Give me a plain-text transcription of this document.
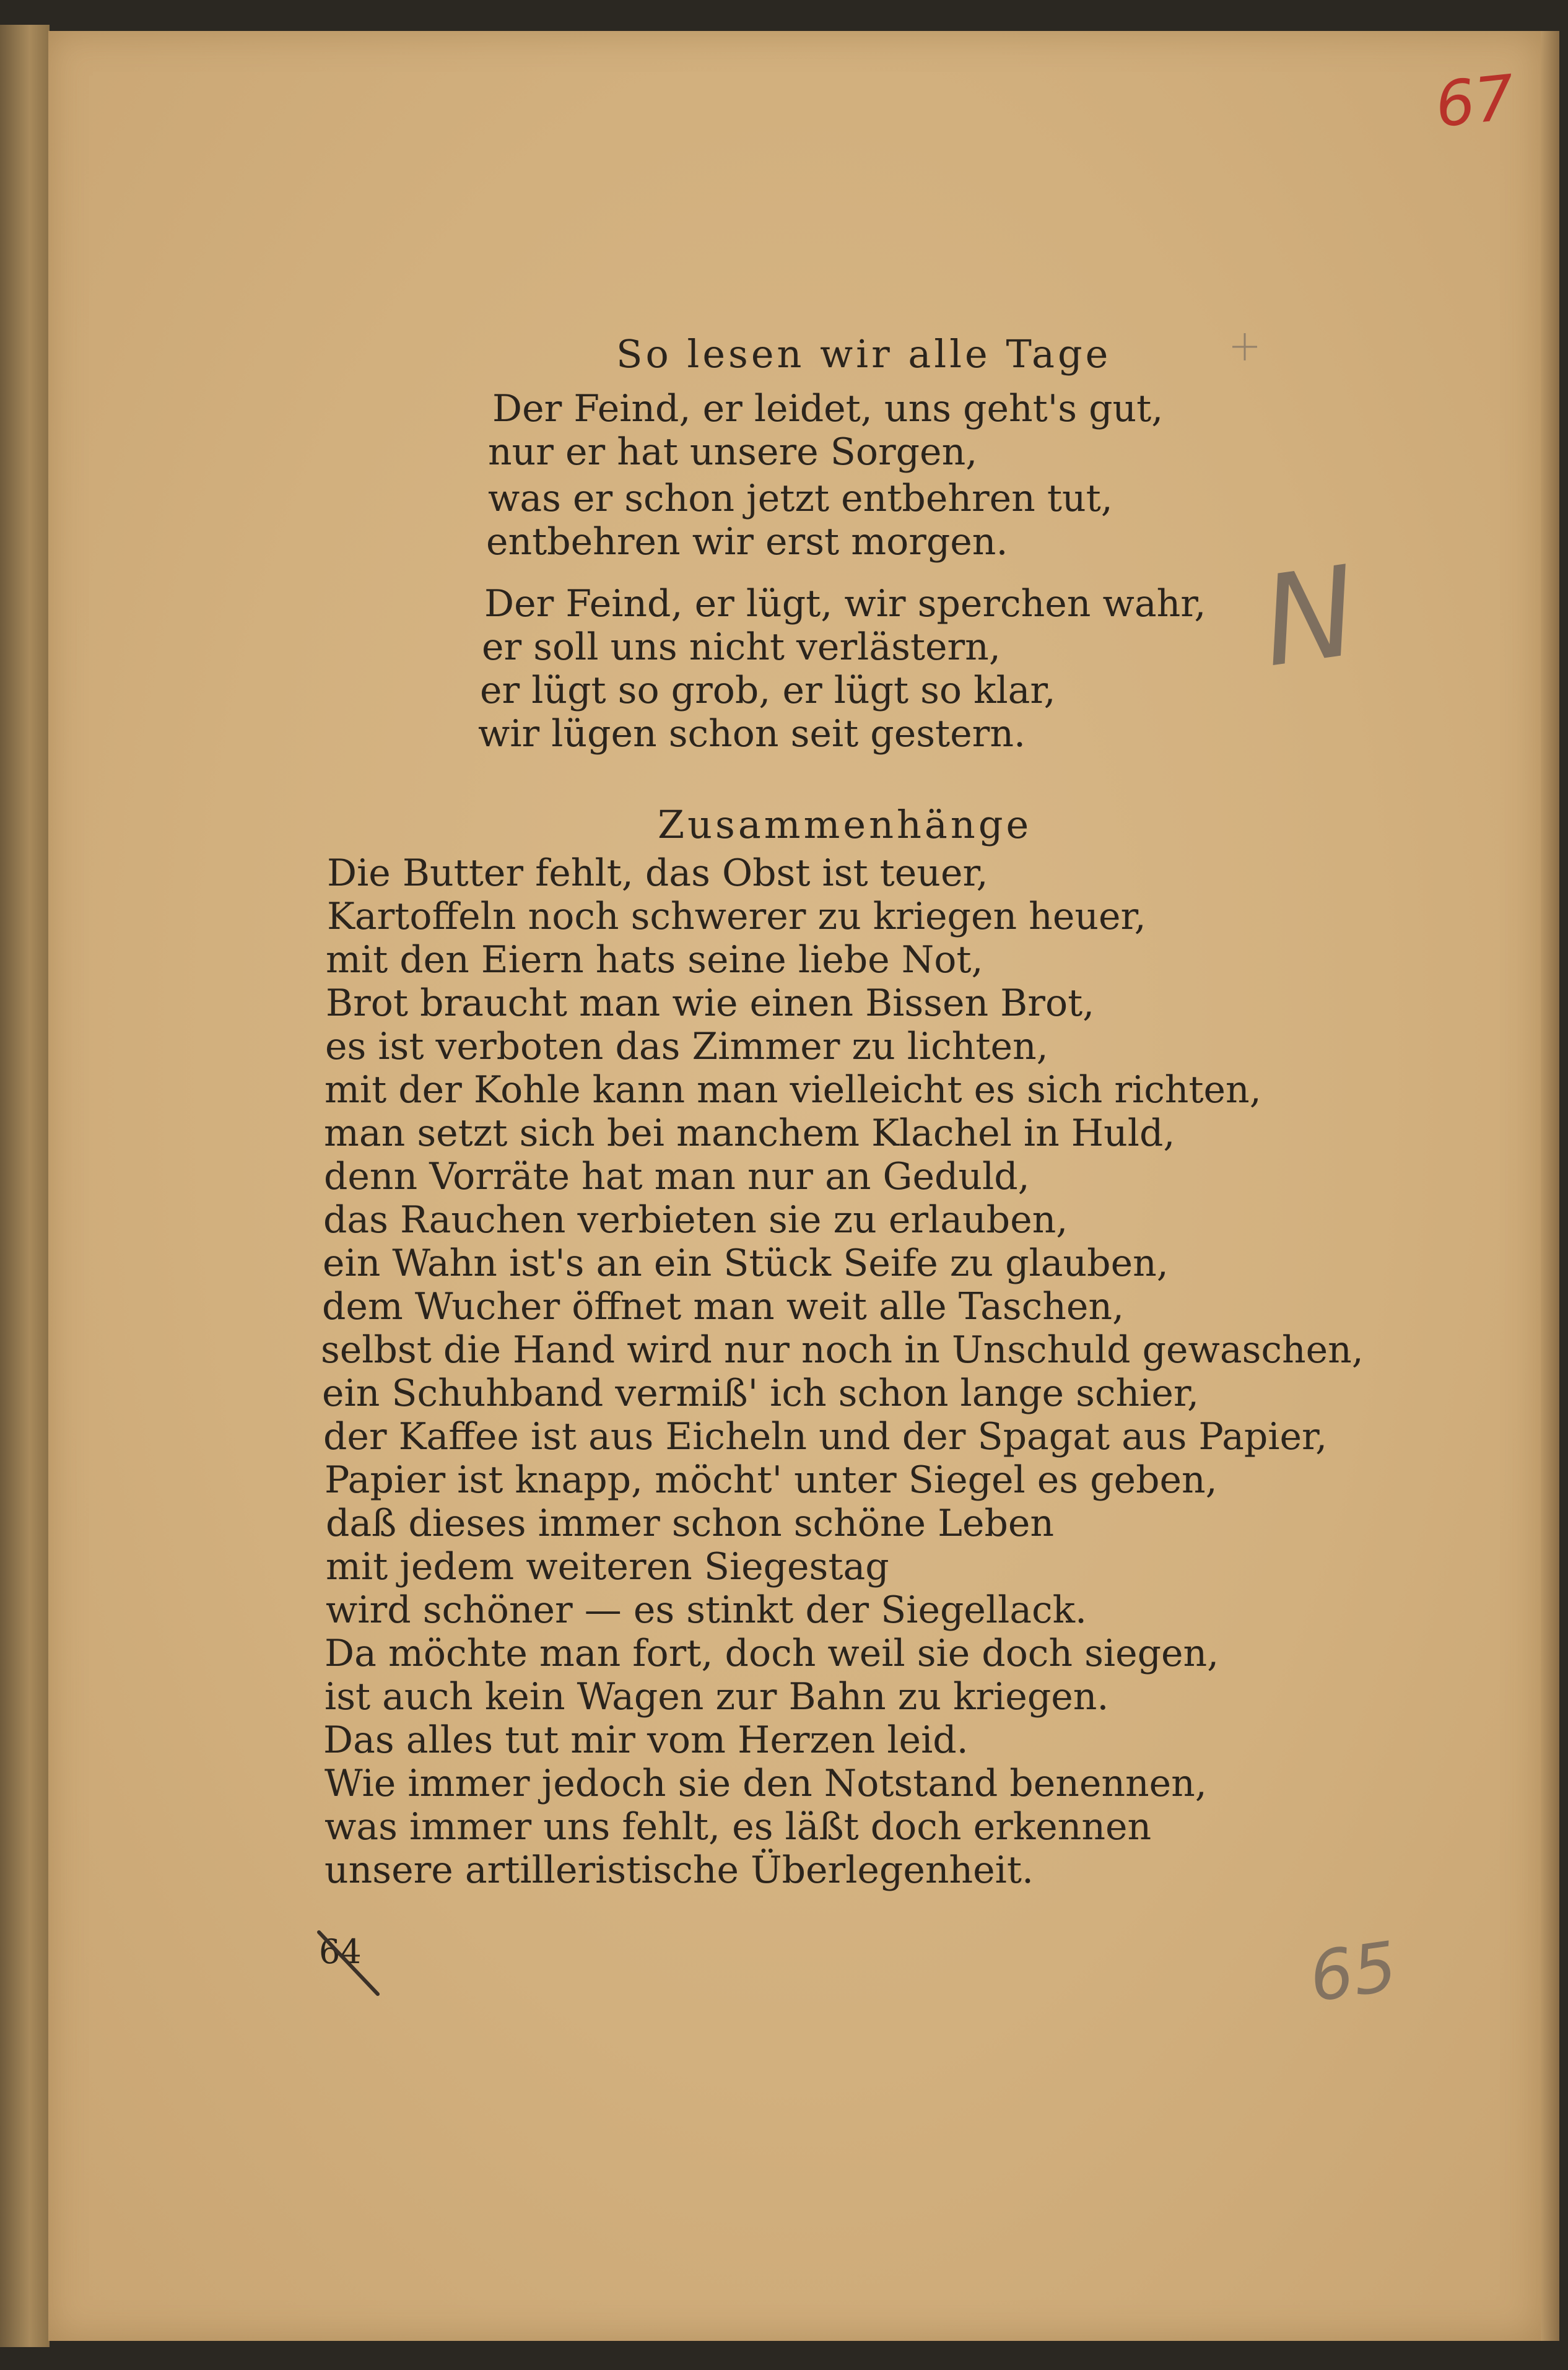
67
N
65
So lesen wir alle Tage
Der Feind, er leidet, uns geht's gut,
nur er hat unsere Sorgen,
was er schon jetzt entbehren tut,
entbehren wir erst morgen.
Der Feind, er lügt, wir sperchen wahr,
er soll uns nicht verlästern,
er lügt so grob, er lügt so klar,
wir lügen schon seit gestern.
Zusammenhänge
Die Butter fehlt, das Obst ist teuer,
Kartoffeln noch schwerer zu kriegen heuer,
mit den Eiern hats seine liebe Not,
Brot braucht man wie einen Bissen Brot,
es ist verboten das Zimmer zu lichten,
mit der Kohle kann man vielleicht es sich richten,
man setzt sich bei manchem Klachel in Huld,
denn Vorräte hat man nur an Geduld,
das Rauchen verbieten sie zu erlauben,
ein Wahn ist's an ein Stück Seife zu glauben,
dem Wucher öffnet man weit alle Taschen,
selbst die Hand wird nur noch in Unschuld gewaschen,
ein Schuhband vermiß' ich schon lange schier,
der Kaffee ist aus Eicheln und der Spagat aus Papier,
Papier ist knapp, möcht' unter Siegel es geben,
daß dieses immer schon schöne Leben
mit jedem weiteren Siegestag
wird schöner — es stinkt der Siegellack.
Da möchte man fort, doch weil sie doch siegen,
ist auch kein Wagen zur Bahn zu kriegen.
Das alles tut mir vom Herzen leid.
Wie immer jedoch sie den Notstand benennen,
was immer uns fehlt, es läßt doch erkennen
unsere artilleristische Überlegenheit.
64
